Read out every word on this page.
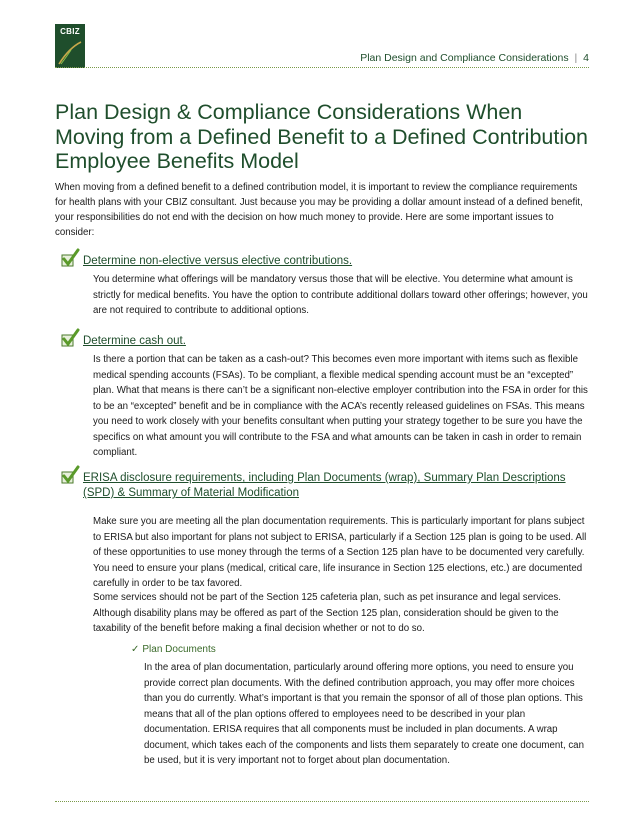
CBIZ
Plan Design and Compliance Considerations | 4
Plan Design & Compliance Considerations When Moving from a Defined Benefit to a Defined Contribution Employee Benefits Model

When moving from a defined benefit to a defined contribution model, it is important to review the compliance requirements for health plans with your CBIZ consultant. Just because you may be providing a dollar amount instead of a defined benefit, your responsibilities do not end with the decision on how much money to provide. Here are some important issues to consider:

Determine non-elective versus elective contributions.

You determine what offerings will be mandatory versus those that will be elective. You determine what amount is strictly for medical benefits. You have the option to contribute additional dollars toward other offerings; however, you are not required to contribute to additional options.

Determine cash out.

Is there a portion that can be taken as a cash-out? This becomes even more important with items such as flexible medical spending accounts (FSAs). To be compliant, a flexible medical spending account must be an “excepted” plan. What that means is there can’t be a significant non-elective employer contribution into the FSA in order for this to be an “excepted” benefit and be in compliance with the ACA’s recently released guidelines on FSAs. This means you need to work closely with your benefits consultant when putting your strategy together to be sure you have the specifics on what amount you will contribute to the FSA and what amounts can be taken in cash in order to remain compliant.

ERISA disclosure requirements, including Plan Documents (wrap), Summary Plan Descriptions (SPD) & Summary of Material Modification

Make sure you are meeting all the plan documentation requirements. This is particularly important for plans subject to ERISA but also important for plans not subject to ERISA, particularly if a Section 125 plan is going to be used. All of these opportunities to use money through the terms of a Section 125 plan have to be documented very carefully. You need to ensure your plans (medical, critical care, life insurance in Section 125 elections, etc.) are documented carefully in order to be tax favored.

Some services should not be part of the Section 125 cafeteria plan, such as pet insurance and legal services. Although disability plans may be offered as part of the Section 125 plan, consideration should be given to the taxability of the benefit before making a final decision whether or not to do so.

✓ Plan Documents

In the area of plan documentation, particularly around offering more options, you need to ensure you provide correct plan documents. With the defined contribution approach, you may offer more choices than you do currently. What’s important is that you remain the sponsor of all of those plan options. This means that all of the plan options offered to employees need to be described in your plan documentation. ERISA requires that all components must be included in plan documents. A wrap document, which takes each of the components and lists them separately to create one document, can be used, but it is very important not to forget about plan documentation.
